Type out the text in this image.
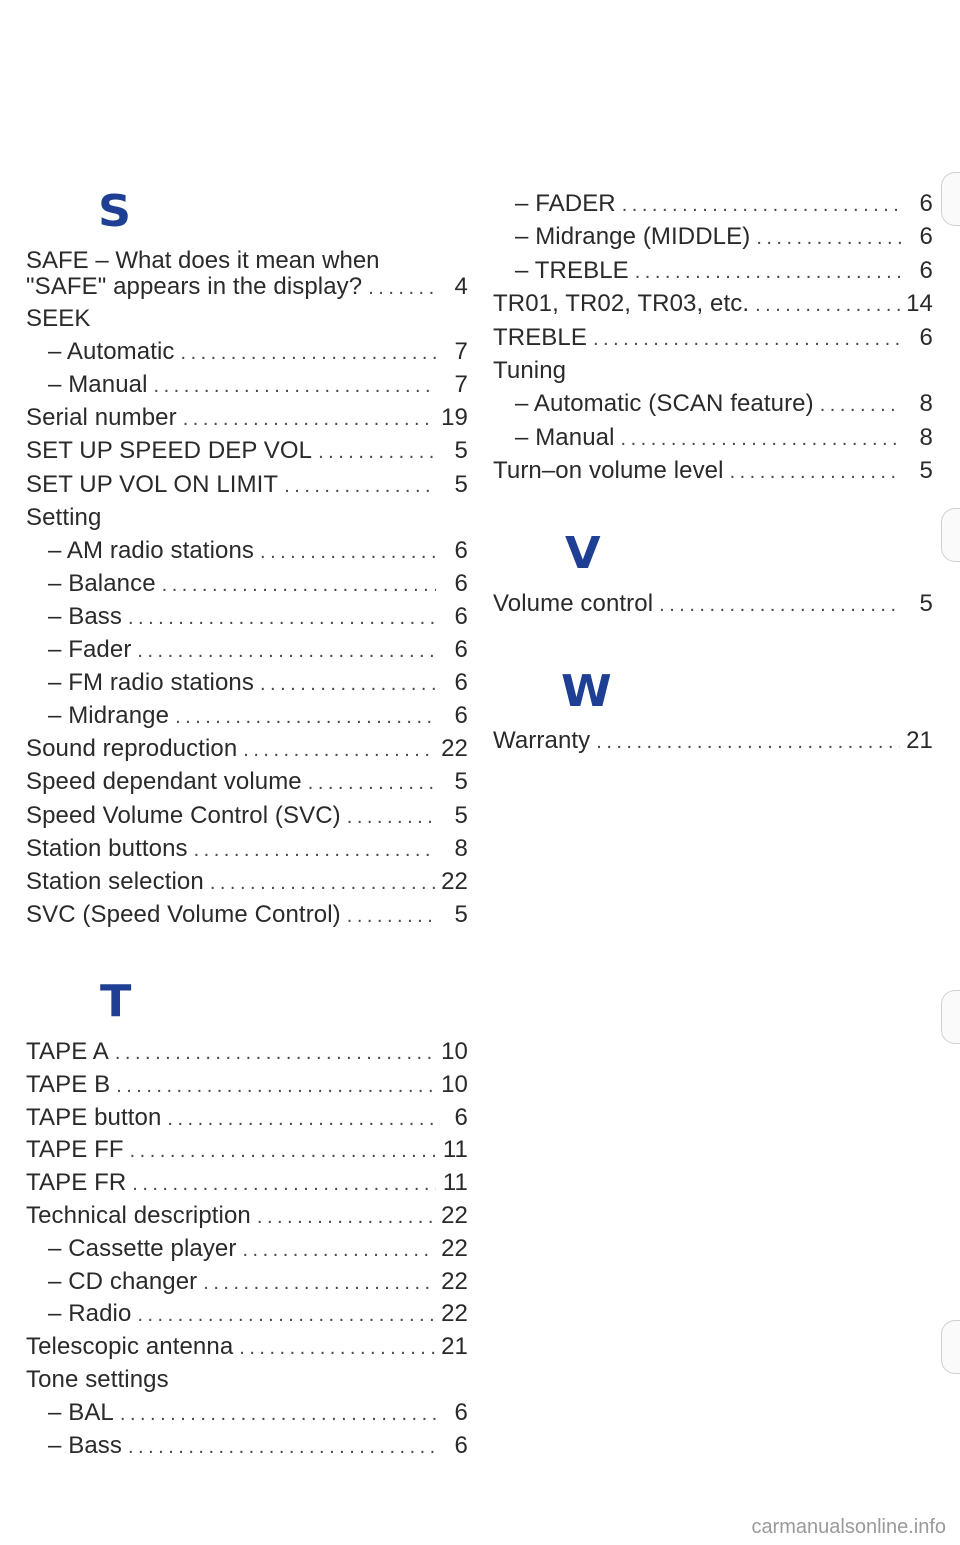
S
SAFE – What does it mean when
"SAFE" appears in the display? .....	4
SEEK
– Automatic .....	7
– Manual .....	7
Serial number .....	19
SET UP SPEED DEP VOL .....	5
SET UP VOL ON LIMIT .....	5
Setting
– AM radio stations .....	6
– Balance .....	6
– Bass .....	6
– Fader .....	6
– FM radio stations .....	6
– Midrange .....	6
Sound reproduction .....	22
Speed dependant volume .....	5
Speed Volume Control (SVC) .....	5
Station buttons .....	8
Station selection .....	22
SVC (Speed Volume Control) .....	5
T
TAPE A .....	10
TAPE B .....	10
TAPE button .....	6
TAPE FF .....	11
TAPE FR .....	11
Technical description .....	22
– Cassette player .....	22
– CD changer .....	22
– Radio .....	22
Telescopic antenna .....	21
Tone settings
– BAL .....	6
– Bass .....	6
– FADER .....	6
– Midrange (MIDDLE) .....	6
– TREBLE .....	6
TR01, TR02, TR03, etc. .....	14
TREBLE .....	6
Tuning
– Automatic (SCAN feature) .....	8
– Manual .....	8
Turn–on volume level .....	5
V
Volume control .....	5
W
Warranty .....	21
carmanualsonline.info
